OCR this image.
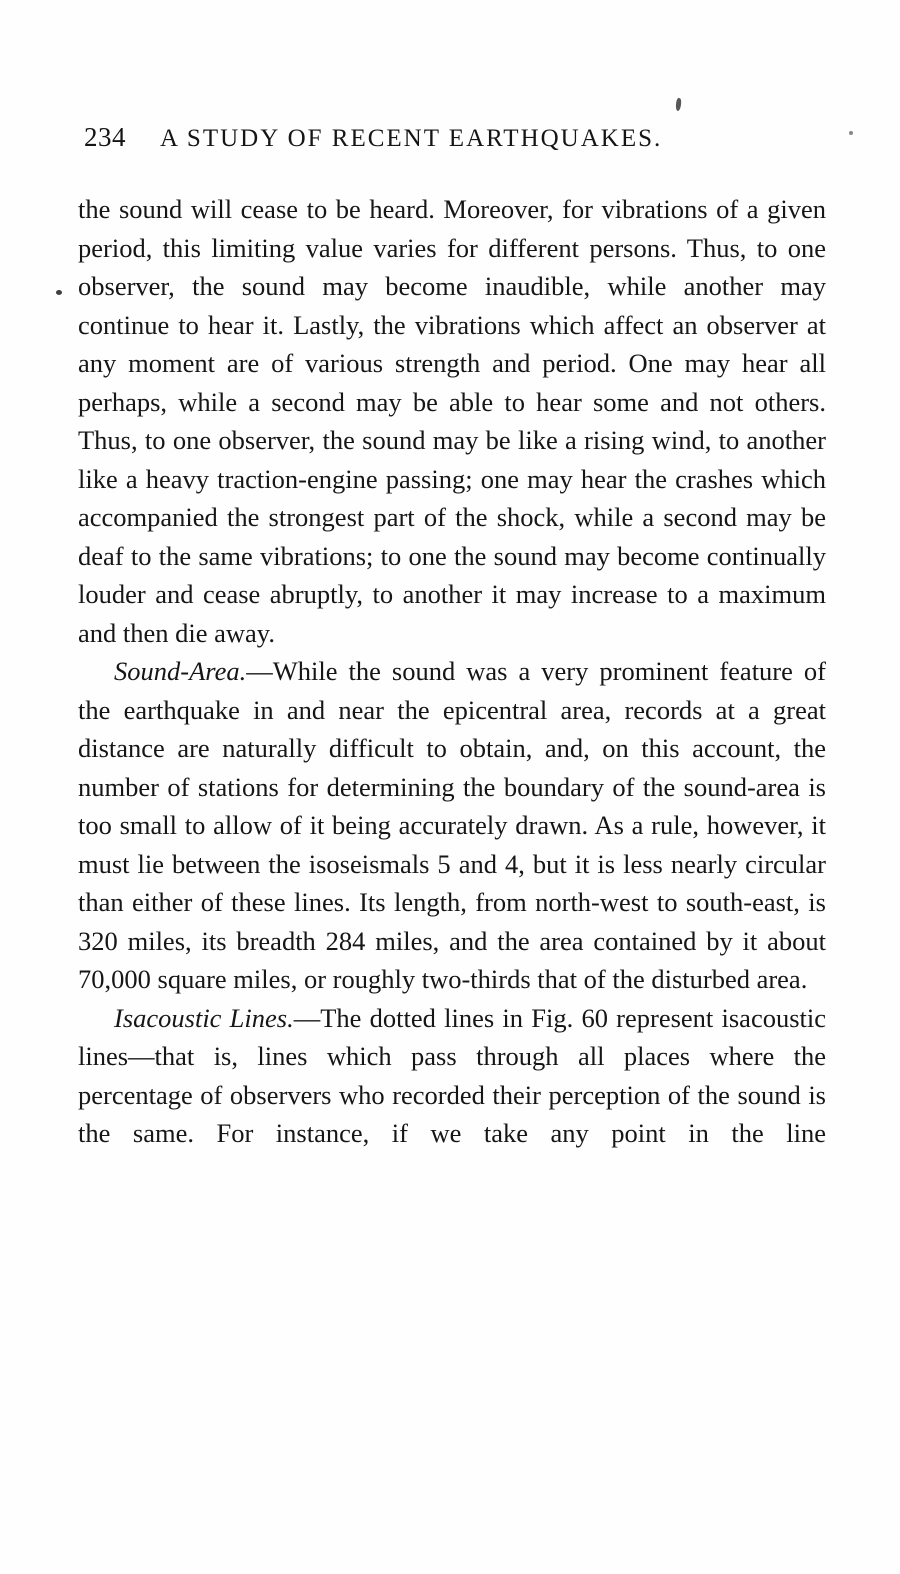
234 A STUDY OF RECENT EARTHQUAKES.

the sound will cease to be heard. Moreover, for vibrations of a given period, this limiting value varies for different persons. Thus, to one observer, the sound may become inaudible, while another may continue to hear it. Lastly, the vibrations which affect an observer at any moment are of various strength and period. One may hear all perhaps, while a second may be able to hear some and not others. Thus, to one observer, the sound may be like a rising wind, to another like a heavy traction-engine passing; one may hear the crashes which accompanied the strongest part of the shock, while a second may be deaf to the same vibrations; to one the sound may become continually louder and cease abruptly, to another it may increase to a maximum and then die away.

Sound-Area.—While the sound was a very prominent feature of the earthquake in and near the epicentral area, records at a great distance are naturally difficult to obtain, and, on this account, the number of stations for determining the boundary of the sound-area is too small to allow of it being accurately drawn. As a rule, however, it must lie between the isoseismals 5 and 4, but it is less nearly circular than either of these lines. Its length, from north-west to south-east, is 320 miles, its breadth 284 miles, and the area contained by it about 70,000 square miles, or roughly two-thirds that of the disturbed area.

Isacoustic Lines.—The dotted lines in Fig. 60 represent isacoustic lines—that is, lines which pass through all places where the percentage of observers who recorded their perception of the sound is the same. For instance, if we take any point in the line
